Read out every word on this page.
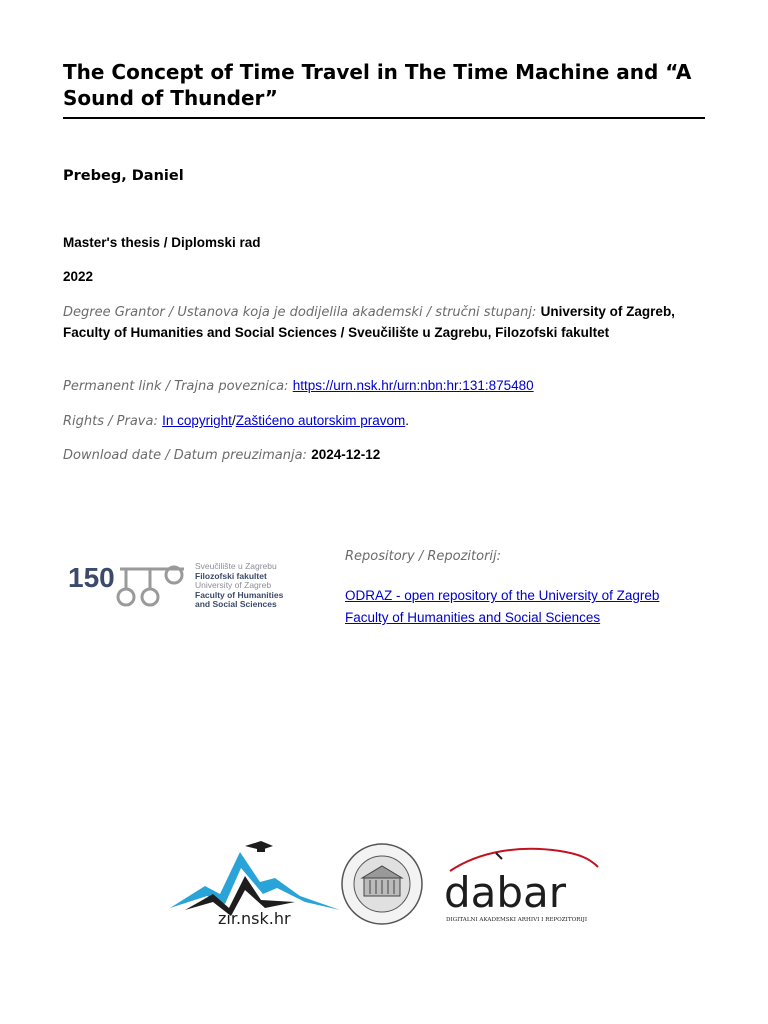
The Concept of Time Travel in The Time Machine and “A Sound of Thunder”
Prebeg, Daniel
Master's thesis / Diplomski rad
2022
Degree Grantor / Ustanova koja je dodijelila akademski / stručni stupanj: University of Zagreb, Faculty of Humanities and Social Sciences / Sveučilište u Zagrebu, Filozofski fakultet
Permanent link / Trajna poveznica: https://urn.nsk.hr/urn:nbn:hr:131:875480
Rights / Prava: In copyright/Zaštićeno autorskim pravom.
Download date / Datum preuzimanja: 2024-12-12
150	Sveučilište u Zagrebu
Filozofski fakultet
University of Zagreb
Faculty of Humanities
and Social Sciences
Repository / Repozitorij:
ODRAZ - open repository of the University of Zagreb Faculty of Humanities and Social Sciences
zir.nsk.hr
dabar
DIGITALNI AKADEMSKI ARHIVI I REPOZITORIJI
